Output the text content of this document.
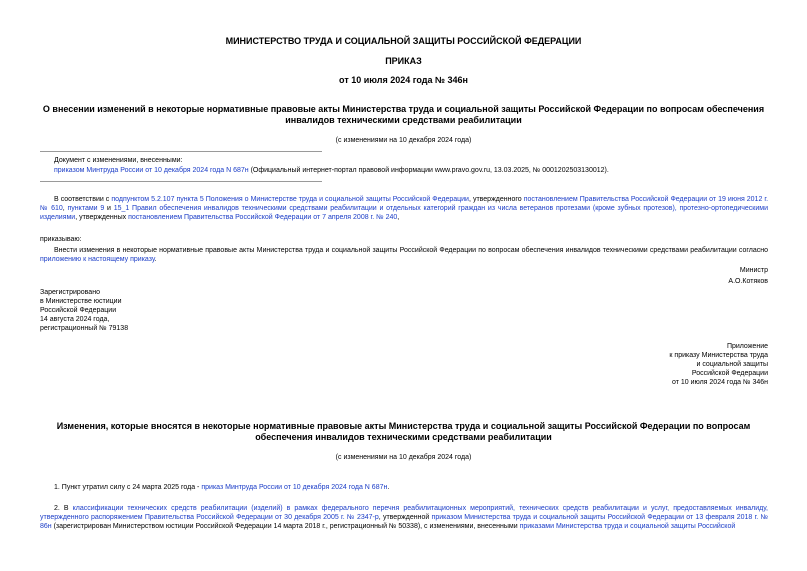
МИНИСТЕРСТВО ТРУДА И СОЦИАЛЬНОЙ ЗАЩИТЫ РОССИЙСКОЙ ФЕДЕРАЦИИ
ПРИКАЗ
от 10 июля 2024 года № 346н
О внесении изменений в некоторые нормативные правовые акты Министерства труда и социальной защиты Российской Федерации по вопросам обеспечения инвалидов техническими средствами реабилитации
(с изменениями на 10 декабря 2024 года)
Документ с изменениями, внесенными:
приказом Минтруда России от 10 декабря 2024 года N 687н (Официальный интернет-портал правовой информации www.pravo.gov.ru, 13.03.2025, № 0001202503130012).
В соответствии с подпунктом 5.2.107 пункта 5 Положения о Министерстве труда и социальной защиты Российской Федерации, утвержденного постановлением Правительства Российской Федерации от 19 июня 2012 г. № 610, пунктами 9 и 15_1 Правил обеспечения инвалидов техническими средствами реабилитации и отдельных категорий граждан из числа ветеранов протезами (кроме зубных протезов), протезно-ортопедическими изделиями, утвержденных постановлением Правительства Российской Федерации от 7 апреля 2008 г. № 240,
приказываю:
Внести изменения в некоторые нормативные правовые акты Министерства труда и социальной защиты Российской Федерации по вопросам обеспечения инвалидов техническими средствами реабилитации согласно приложению к настоящему приказу.
Министр
А.О.Котяков
Зарегистрировано
в Министерстве юстиции
Российской Федерации
14 августа 2024 года,
регистрационный № 79138
Приложение
к приказу Министерства труда
и социальной защиты
Российской Федерации
от 10 июля 2024 года № 346н
Изменения, которые вносятся в некоторые нормативные правовые акты Министерства труда и социальной защиты Российской Федерации по вопросам обеспечения инвалидов техническими средствами реабилитации
(с изменениями на 10 декабря 2024 года)
1. Пункт утратил силу с 24 марта 2025 года - приказ Минтруда России от 10 декабря 2024 года N 687н.
2. В классификации технических средств реабилитации (изделий) в рамках федерального перечня реабилитационных мероприятий, технических средств реабилитации и услуг, предоставляемых инвалиду, утвержденного распоряжением Правительства Российской Федерации от 30 декабря 2005 г. № 2347-р, утвержденной приказом Министерства труда и социальной защиты Российской Федерации от 13 февраля 2018 г. № 86н (зарегистрирован Министерством юстиции Российской Федерации 14 марта 2018 г., регистрационный № 50338), с изменениями, внесенными приказами Министерства труда и социальной защиты Российской
